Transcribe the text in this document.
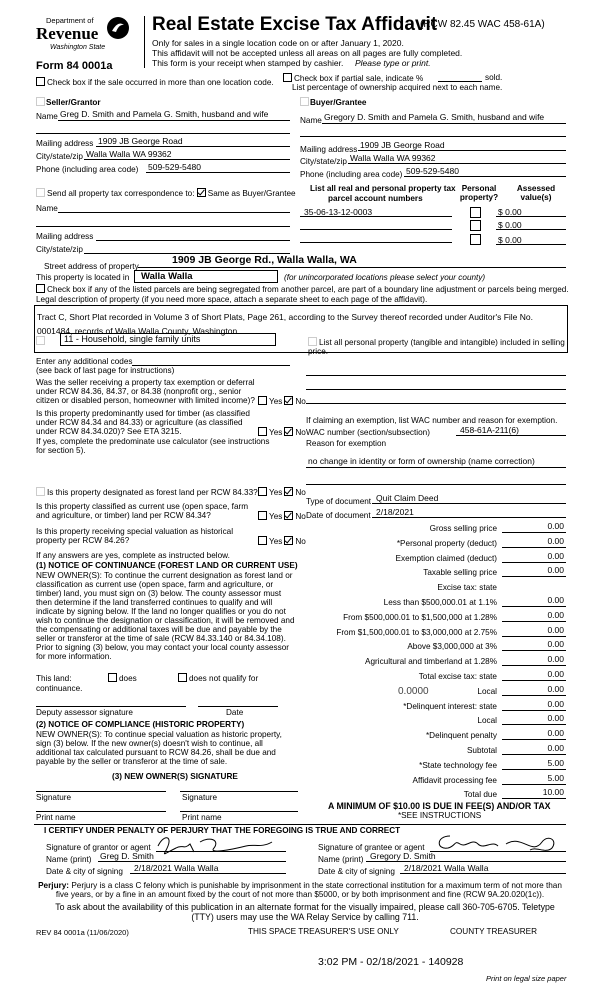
Department of
Revenue
Washington State
Form 84 0001a
Real Estate Excise Tax Affidavit
(RCW 82.45 WAC 458-61A)
Only for sales in a single location code on or after January 1, 2020.
This affidavit will not be accepted unless all areas on all pages are fully completed.
This form is your receipt when stamped by cashier. Please type or print.
Check box if the sale occurred in more than one location code.	Check box if partial sale, indicate %	sold.
List percentage of ownership acquired next to each name.
Seller/Grantor
Name Greg D. Smith and Pamela G. Smith, husband and wife
Mailing address 1909 JB George Road
City/state/zip Walla Walla WA 99362
Phone (including area code) 509-529-5480
Buyer/Grantee
Name Gregory D. Smith and Pamela G. Smith, husband and wife
Mailing address 1909 JB George Road
City/state/zip Walla Walla WA 99362
Phone (including area code) 509-529-5480
Send all property tax correspondence to: Same as Buyer/Grantee
Name
Mailing address
City/state/zip
List all real and personal property tax
parcel account numbers
Personal property?
Assessed value(s)
35-06-13-12-0003	$ 0.00
$ 0.00
$ 0.00
1909 JB George Rd., Walla Walla, WA
Street address of property
This property is located in Walla Walla	(for unincorporated locations please select your county)
Check box if any of the listed parcels are being segregated from another parcel, are part of a boundary line adjustment or parcels being merged.
Legal description of property (if you need more space, attach a separate sheet to each page of the affidavit).
Tract C, Short Plat recorded in Volume 3 of Short Plats, Page 261, according to the Survey thereof recorded under Auditor's File No. 0001484, records of Walla Walla County, Washington.
11 - Household, single family units
Enter any additional codes
(see back of last page for instructions)
Was the seller receiving a property tax exemption or deferral under RCW 84.36, 84.37, or 84.38 (nonprofit org., senior citizen or disabled person, homeowner with limited income)?	Yes No
Is this property predominantly used for timber (as classified under RCW 84.34 and 84.33) or agriculture (as classified under RCW 84.34.020)? See ETA 3215.	Yes No
If yes, complete the predominate use calculator (see instructions for section 5).
Is this property designated as forest land per RCW 84.33?	Yes No
Is this property classified as current use (open space, farm and agriculture, or timber) land per RCW 84.34?	Yes No
Is this property receiving special valuation as historical property per RCW 84.26?	Yes No
If any answers are yes, complete as instructed below.
(1) NOTICE OF CONTINUANCE (FOREST LAND OR CURRENT USE)
NEW OWNER(S): To continue the current designation as forest land or classification as current use (open space, farm and agriculture, or timber) land, you must sign on (3) below. The county assessor must then determine if the land transferred continues to qualify and will indicate by signing below. If the land no longer qualifies or you do not wish to continue the designation or classification, it will be removed and the compensating or additional taxes will be due and payable by the seller or transferor at the time of sale (RCW 84.33.140 or 84.34.108). Prior to signing (3) below, you may contact your local county assessor for more information.
This land:	does	does not qualify for
continuance.
Deputy assessor signature	Date
(2) NOTICE OF COMPLIANCE (HISTORIC PROPERTY)
NEW OWNER(S): To continue special valuation as historic property, sign (3) below. If the new owner(s) doesn't wish to continue, all additional tax calculated pursuant to RCW 84.26, shall be due and payable by the seller or transferor at the time of sale.
(3) NEW OWNER(S) SIGNATURE
Signature	Signature
Print name	Print name
List all personal property (tangible and intangible) included in selling price.
If claiming an exemption, list WAC number and reason for exemption.
WAC number (section/subsection)	458-61A-211(6)
Reason for exemption
no change in identity or form of ownership (name correction)
Type of document Quit Claim Deed
Date of document 2/18/2021
Gross selling price	0.00
*Personal property (deduct)	0.00
Exemption claimed (deduct)	0.00
Taxable selling price	0.00
Excise tax: state
Less than $500,000.01 at 1.1%	0.00
From $500,000.01 to $1,500,000 at 1.28%	0.00
From $1,500,000.01 to $3,000,000 at 2.75%	0.00
Above $3,000,000 at 3%	0.00
Agricultural and timberland at 1.28%	0.00
Total excise tax: state	0.00
Local
0.0000	0.00
*Delinquent interest: state	0.00
Local	0.00
*Delinquent penalty	0.00
Subtotal	0.00
*State technology fee	5.00
Affidavit processing fee	5.00
Total due	10.00
A MINIMUM OF $10.00 IS DUE IN FEE(S) AND/OR TAX
*SEE INSTRUCTIONS
I CERTIFY UNDER PENALTY OF PERJURY THAT THE FOREGOING IS TRUE AND CORRECT
Signature of grantor or agent
Name (print) Greg D. Smith
Date & city of signing 2/18/2021 Walla Walla
Signature of grantee or agent
Name (print) Gregory D. Smith
Date & city of signing 2/18/2021 Walla Walla
Perjury: Perjury is a class C felony which is punishable by imprisonment in the state correctional institution for a maximum term of not more than five years, or by a fine in an amount fixed by the court of not more than $5000, or by both imprisonment and fine (RCW 9A.20.020(1c)).
To ask about the availability of this publication in an alternate format for the visually impaired, please call 360-705-6705. Teletype (TTY) users may use the WA Relay Service by calling 711.
REV 84 0001a (11/06/2020)	THIS SPACE TREASURER'S USE ONLY	COUNTY TREASURER
3:02 PM - 02/18/2021 - 140928
Print on legal size paper
